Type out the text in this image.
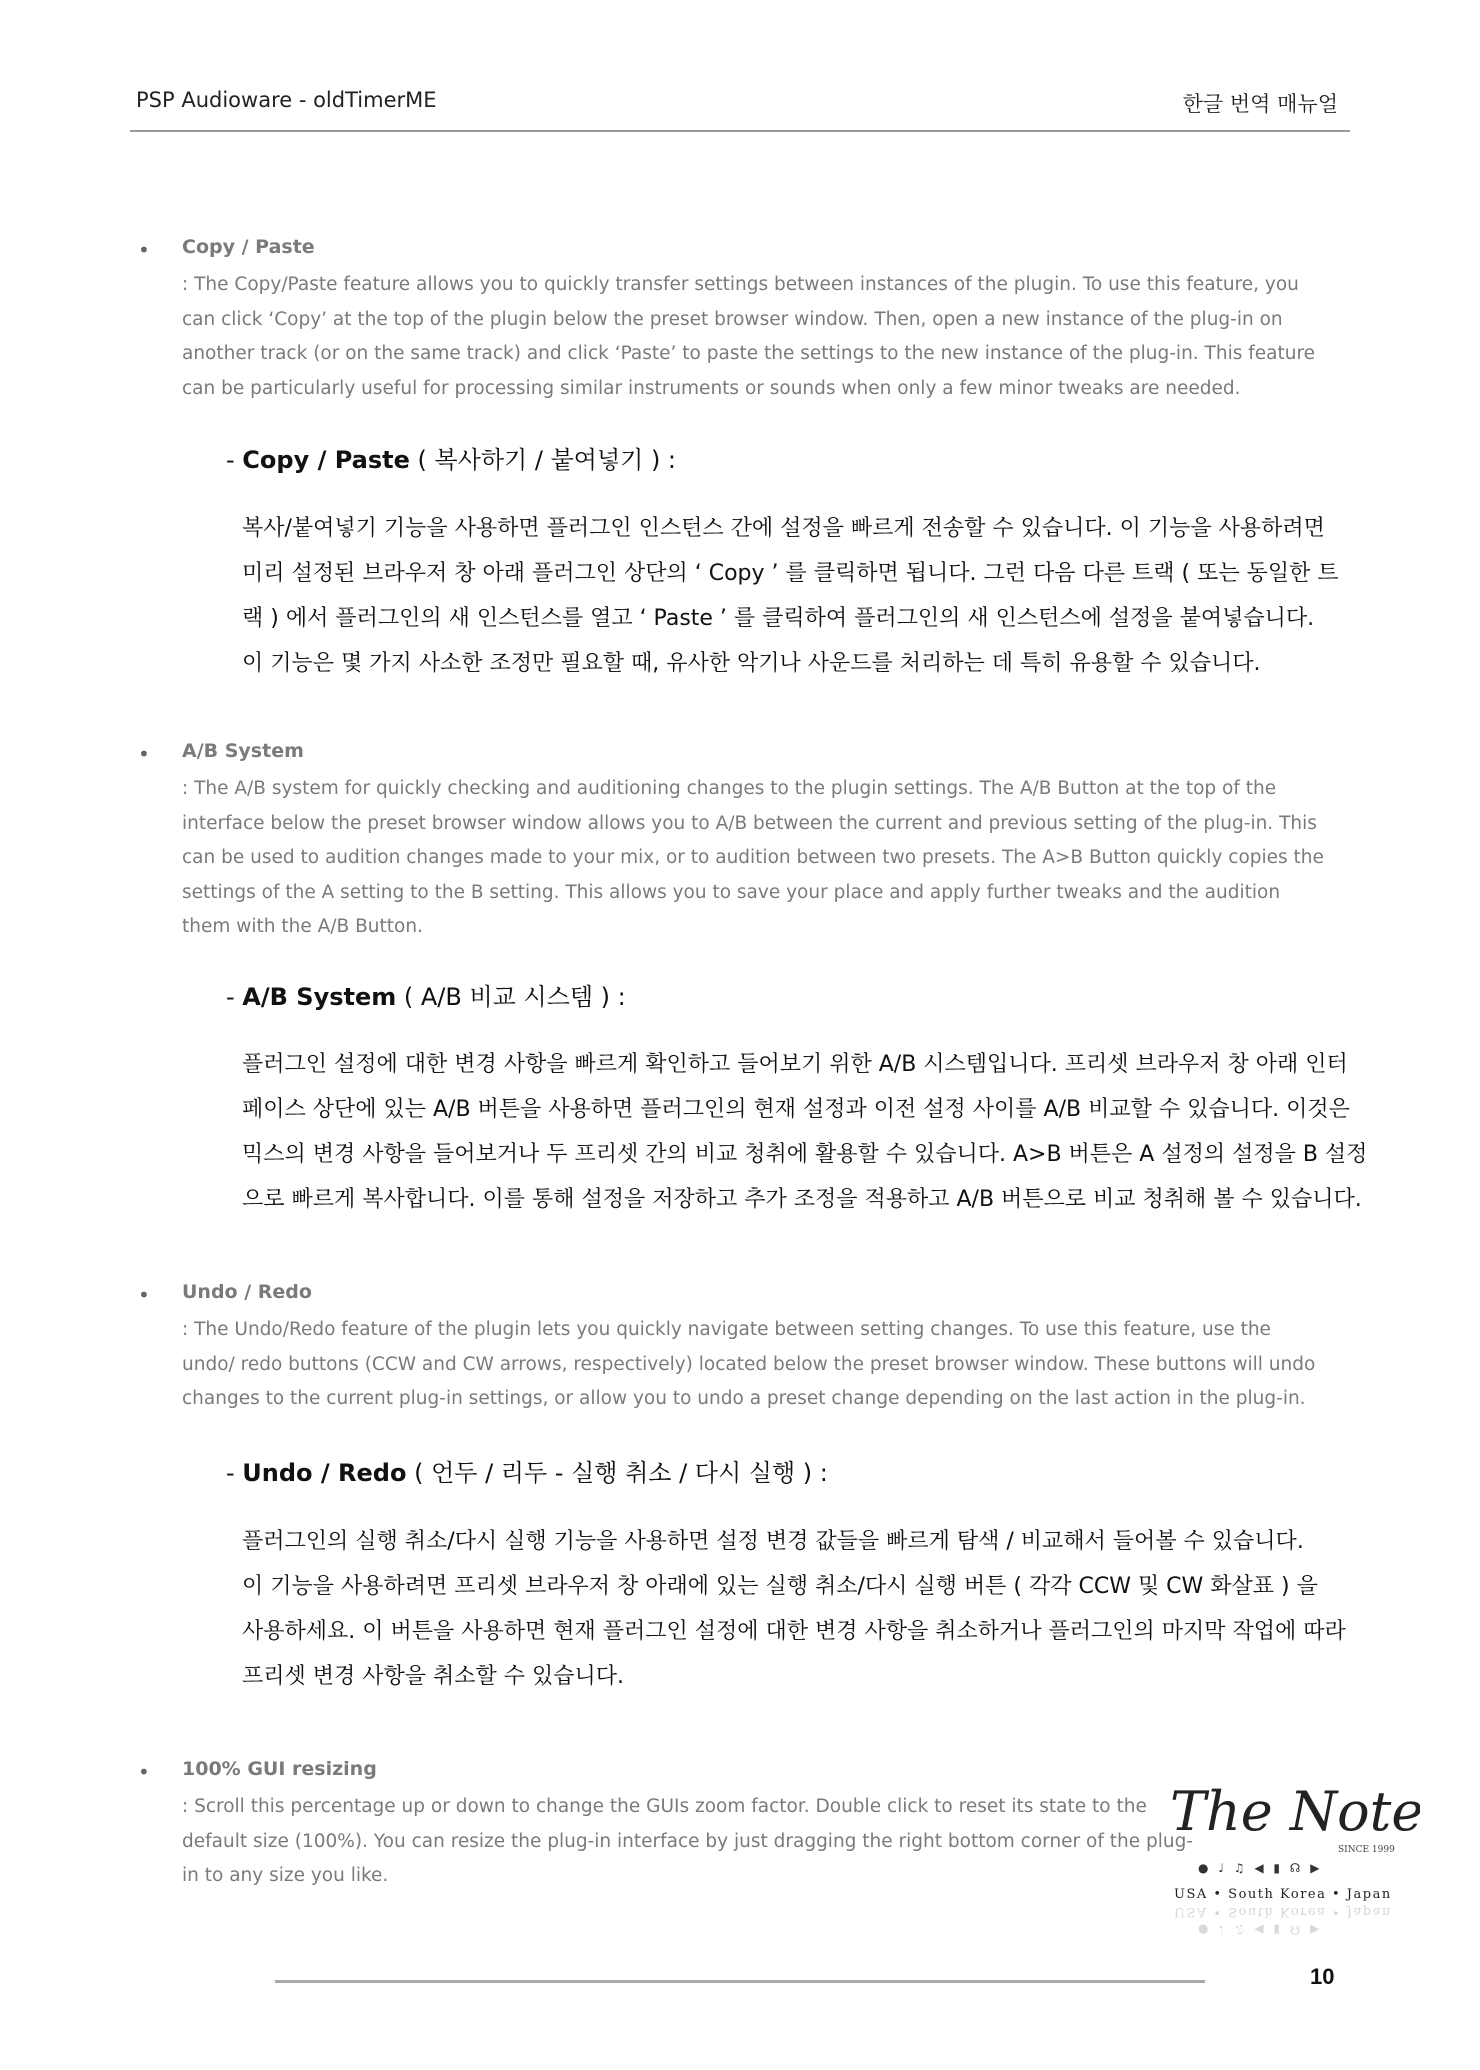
PSP Audioware - oldTimerME	한글 번역 매뉴얼
• Copy / Paste
: The Copy/Paste feature allows you to quickly transfer settings between instances of the plugin. To use this feature, you can click ‘Copy’ at the top of the plugin below the preset browser window. Then, open a new instance of the plug-in on another track (or on the same track) and click ‘Paste’ to paste the settings to the new instance of the plug-in. This feature can be particularly useful for processing similar instruments or sounds when only a few minor tweaks are needed.
- Copy / Paste ( 복사하기 / 붙여넣기 ) :
복사/붙여넣기 기능을 사용하면 플러그인 인스턴스 간에 설정을 빠르게 전송할 수 있습니다. 이 기능을 사용하려면
미리 설정된 브라우저 창 아래 플러그인 상단의 ‘ Copy ’ 를 클릭하면 됩니다. 그런 다음 다른 트랙 ( 또는 동일한 트
랙 ) 에서 플러그인의 새 인스턴스를 열고 ‘ Paste ’ 를 클릭하여 플러그인의 새 인스턴스에 설정을 붙여넣습니다.
이 기능은 몇 가지 사소한 조정만 필요할 때, 유사한 악기나 사운드를 처리하는 데 특히 유용할 수 있습니다.
• A/B System
: The A/B system for quickly checking and auditioning changes to the plugin settings. The A/B Button at the top of the interface below the preset browser window allows you to A/B between the current and previous setting of the plug-in. This can be used to audition changes made to your mix, or to audition between two presets. The A>B Button quickly copies the settings of the A setting to the B setting. This allows you to save your place and apply further tweaks and the audition them with the A/B Button.
- A/B System ( A/B 비교 시스템 ) :
플러그인 설정에 대한 변경 사항을 빠르게 확인하고 들어보기 위한 A/B 시스템입니다. 프리셋 브라우저 창 아래 인터
페이스 상단에 있는 A/B 버튼을 사용하면 플러그인의 현재 설정과 이전 설정 사이를 A/B 비교할 수 있습니다. 이것은
믹스의 변경 사항을 들어보거나 두 프리셋 간의 비교 청취에 활용할 수 있습니다. A>B 버튼은 A 설정의 설정을 B 설정
으로 빠르게 복사합니다. 이를 통해 설정을 저장하고 추가 조정을 적용하고 A/B 버튼으로 비교 청취해 볼 수 있습니다.
• Undo / Redo
: The Undo/Redo feature of the plugin lets you quickly navigate between setting changes. To use this feature, use the undo/ redo buttons (CCW and CW arrows, respectively) located below the preset browser window. These buttons will undo changes to the current plug-in settings, or allow you to undo a preset change depending on the last action in the plug-in.
- Undo / Redo ( 언두 / 리두 - 실행 취소 / 다시 실행 ) :
플러그인의 실행 취소/다시 실행 기능을 사용하면 설정 변경 값들을 빠르게 탐색 / 비교해서 들어볼 수 있습니다.
이 기능을 사용하려면 프리셋 브라우저 창 아래에 있는 실행 취소/다시 실행 버튼 ( 각각 CCW 및 CW 화살표 ) 을
사용하세요. 이 버튼을 사용하면 현재 플러그인 설정에 대한 변경 사항을 취소하거나 플러그인의 마지막 작업에 따라
프리셋 변경 사항을 취소할 수 있습니다.
• 100% GUI resizing
: Scroll this percentage up or down to change the GUIs zoom factor. Double click to reset its state to the default size (100%). You can resize the plug-in interface by just dragging the right bottom corner of the plug-in to any size you like.
The Note
SINCE 1999
● ♩ ♫ ◀ ▮ ☊ ▶
USA • South Korea • Japan
USA • South Korea • Japan
● ♩ ♫ ◀ ▮ ☊ ▶
10
